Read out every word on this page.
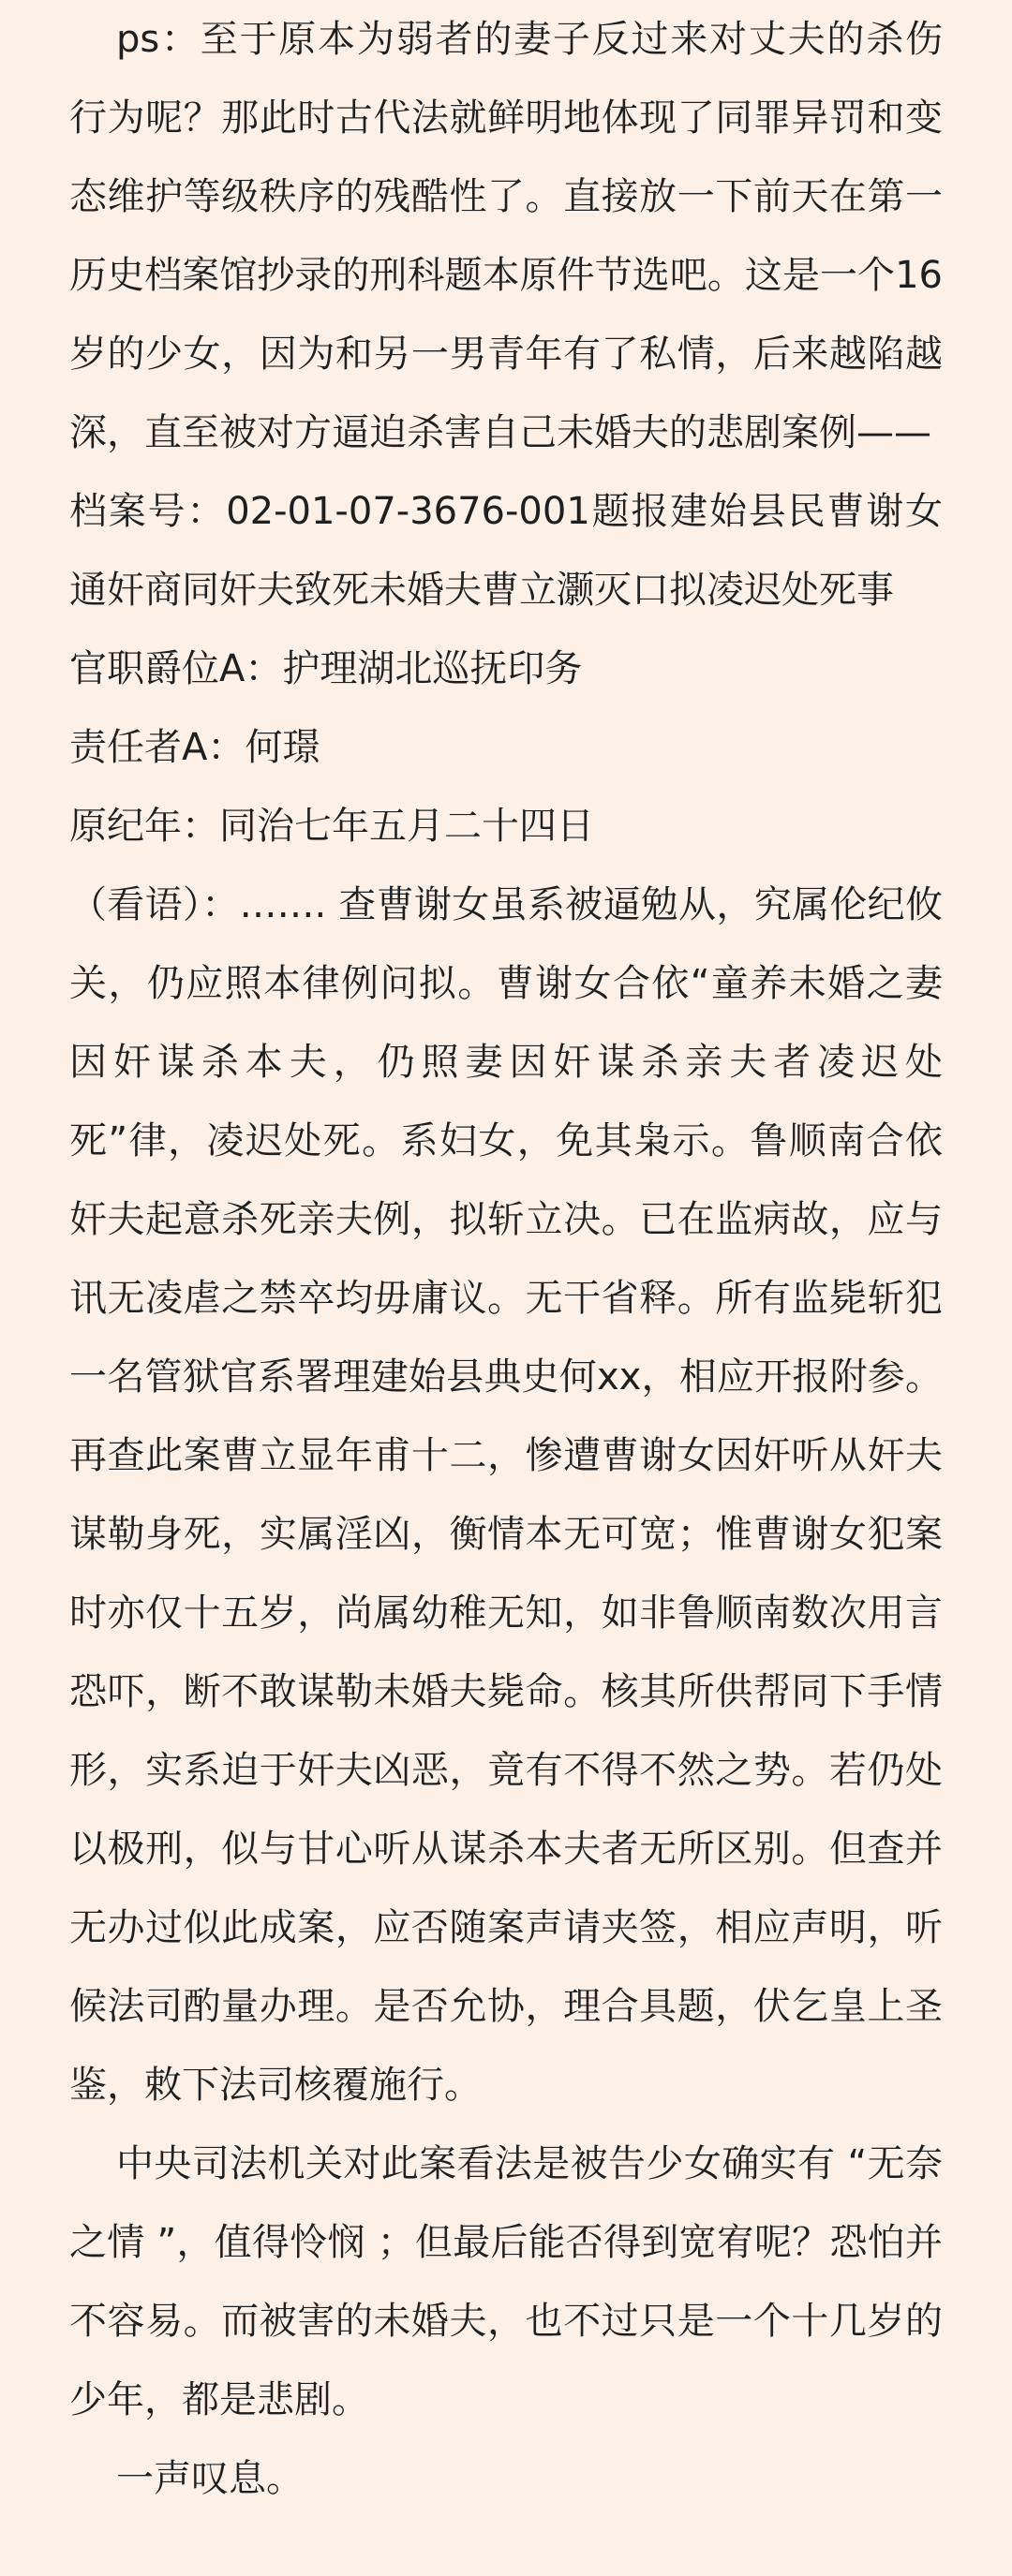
ps：至于原本为弱者的妻子反过来对丈夫的杀伤行为呢？那此时古代法就鲜明地体现了同罪异罚和变态维护等级秩序的残酷性了。直接放一下前天在第一历史档案馆抄录的刑科题本原件节选吧。这是一个16岁的少女，因为和另一男青年有了私情，后来越陷越深，直至被对方逼迫杀害自己未婚夫的悲剧案例——

档案号：02-01-07-3676-001题报建始县民曹谢女通奸商同奸夫致死未婚夫曹立灏灭口拟凌迟处死事

官职爵位A：护理湖北巡抚印务

责任者A：何璟

原纪年：同治七年五月二十四日

（看语）：……. 查曹谢女虽系被逼勉从，究属伦纪攸关，仍应照本律例问拟。曹谢女合依“童养未婚之妻因奸谋杀本夫，仍照妻因奸谋杀亲夫者凌迟处死”律，凌迟处死。系妇女，免其枭示。鲁顺南合依奸夫起意杀死亲夫例，拟斩立决。已在监病故，应与讯无凌虐之禁卒均毋庸议。无干省释。所有监毙斩犯一名管狱官系署理建始县典史何xx，相应开报附参。再查此案曹立显年甫十二，惨遭曹谢女因奸听从奸夫谋勒身死，实属淫凶，衡情本无可宽；惟曹谢女犯案时亦仅十五岁，尚属幼稚无知，如非鲁顺南数次用言恐吓，断不敢谋勒未婚夫毙命。核其所供帮同下手情形，实系迫于奸夫凶恶，竟有不得不然之势。若仍处以极刑，似与甘心听从谋杀本夫者无所区别。但查并无办过似此成案，应否随案声请夹签，相应声明，听候法司酌量办理。是否允协，理合具题，伏乞皇上圣鉴，敕下法司核覆施行。

中央司法机关对此案看法是被告少女确实有 “无奈之情 ”，值得怜悯 ；但最后能否得到宽宥呢？恐怕并不容易。而被害的未婚夫，也不过只是一个十几岁的少年，都是悲剧。

一声叹息。
